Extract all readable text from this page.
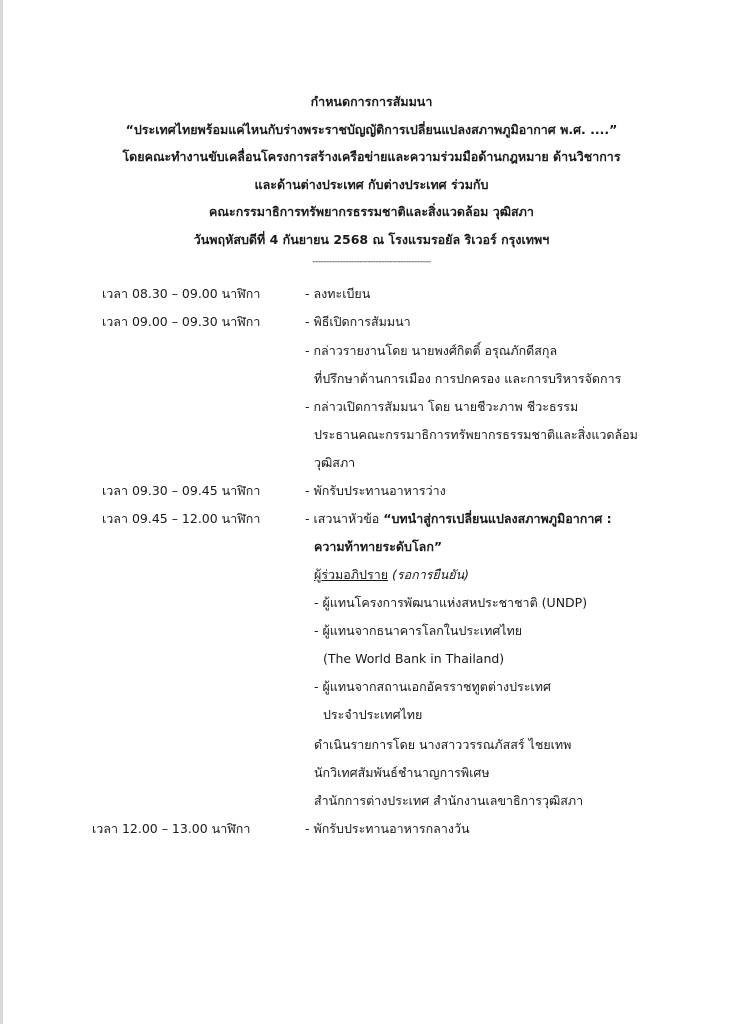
กำหนดการการสัมมนา
“ประเทศไทยพร้อมแค่ไหนกับร่างพระราชบัญญัติการเปลี่ยนแปลงสภาพภูมิอากาศ พ.ศ. ....”
โดยคณะทำงานขับเคลื่อนโครงการสร้างเครือข่ายและความร่วมมือด้านกฎหมาย ด้านวิชาการ
และด้านต่างประเทศ กับต่างประเทศ ร่วมกับ
คณะกรรมาธิการทรัพยากรธรรมชาติและสิ่งแวดล้อม วุฒิสภา
วันพฤหัสบดีที่ 4 กันยายน 2568 ณ โรงแรมรอยัล ริเวอร์ กรุงเทพฯ
-------------------------------------------
เวลา 08.30 – 09.00 นาฬิกา	- ลงทะเบียน
เวลา 09.00 – 09.30 นาฬิกา	- พิธีเปิดการสัมมนา
- กล่าวรายงานโดย นายพงศ์กิตติ์ อรุณภักดีสกุล
ที่ปรึกษาด้านการเมือง การปกครอง และการบริหารจัดการ
- กล่าวเปิดการสัมมนา โดย นายชีวะภาพ ชีวะธรรม
ประธานคณะกรรมาธิการทรัพยากรธรรมชาติและสิ่งแวดล้อม
วุฒิสภา
เวลา 09.30 – 09.45 นาฬิกา	- พักรับประทานอาหารว่าง
เวลา 09.45 – 12.00 นาฬิกา	- เสวนาหัวข้อ “บทนำสู่การเปลี่ยนแปลงสภาพภูมิอากาศ :
ความท้าทายระดับโลก”
ผู้ร่วมอภิปราย (รอการยืนยัน)
- ผู้แทนโครงการพัฒนาแห่งสหประชาชาติ (UNDP)
- ผู้แทนจากธนาคารโลกในประเทศไทย
(The World Bank in Thailand)
- ผู้แทนจากสถานเอกอัครราชทูตต่างประเทศ
ประจำประเทศไทย
ดำเนินรายการโดย นางสาววรรณภัสสร์ ไชยเทพ
นักวิเทศสัมพันธ์ชำนาญการพิเศษ
สำนักการต่างประเทศ สำนักงานเลขาธิการวุฒิสภา
เวลา 12.00 – 13.00 นาฬิกา	- พักรับประทานอาหารกลางวัน
